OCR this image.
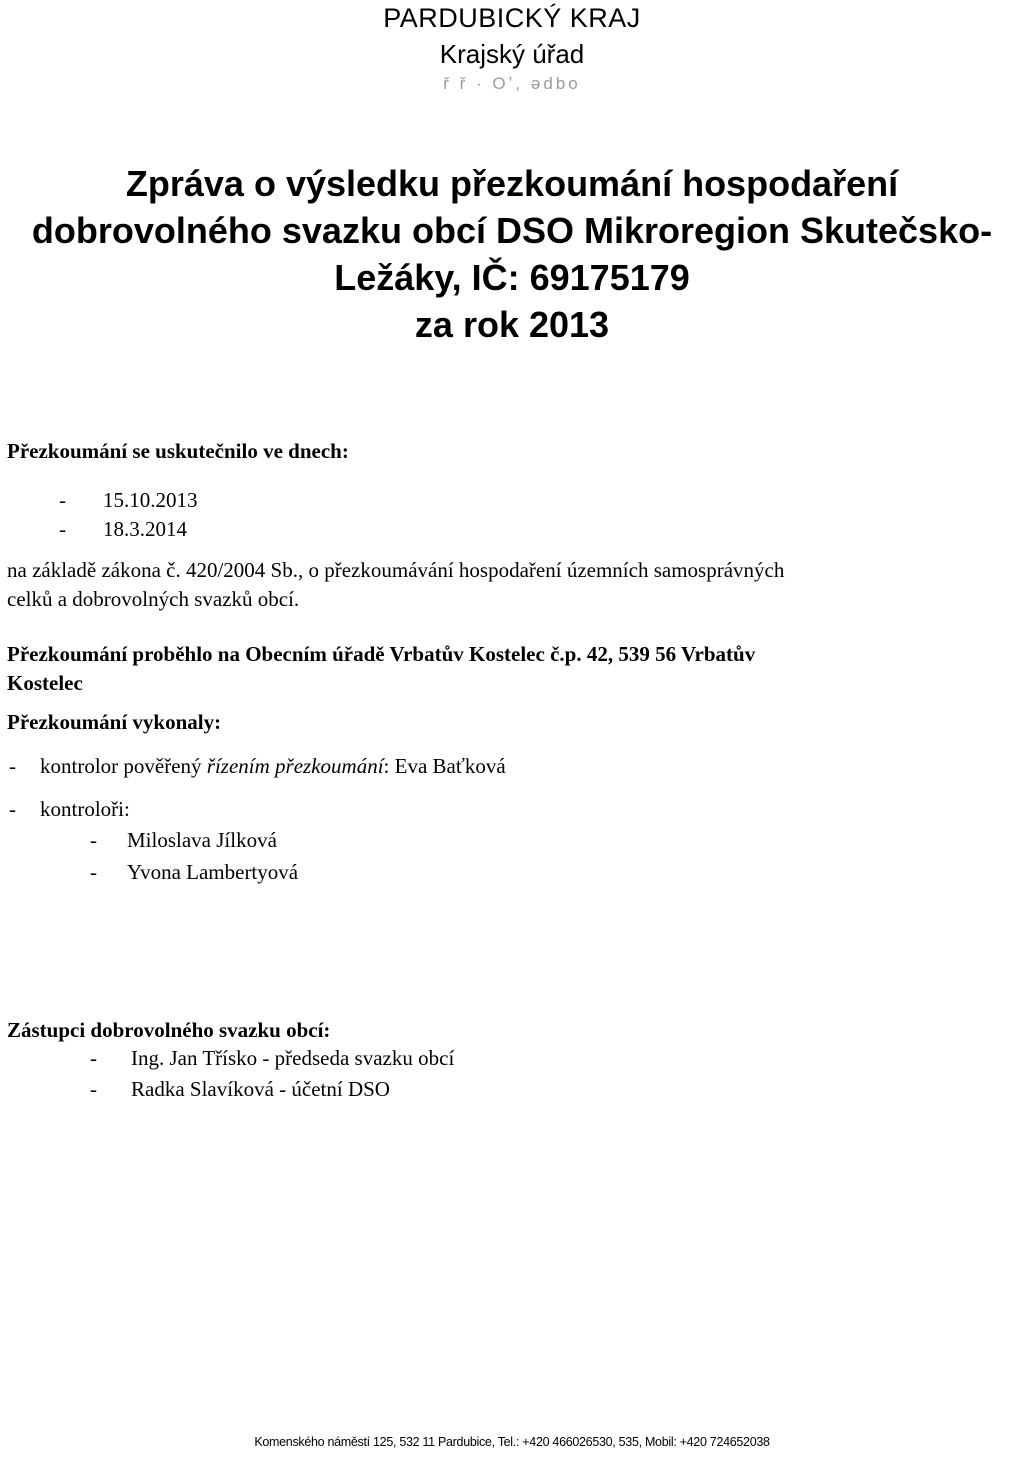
PARDUBICKÝ KRAJ
Krajský úřad
ř ř · Oʼ, ədbo
Zpráva o výsledku přezkoumání hospodaření
dobrovolného svazku obcí DSO Mikroregion Skutečsko-
Ležáky, IČ: 69175179
za rok 2013
Přezkoumání se uskutečnilo ve dnech:
- 15.10.2013
- 18.3.2014
na základě zákona č. 420/2004 Sb., o přezkoumávání hospodaření územních samosprávných
celků a dobrovolných svazků obcí.
Přezkoumání proběhlo na Obecním úřadě Vrbatův Kostelec č.p. 42, 539 56 Vrbatův
Kostelec
Přezkoumání vykonaly:
- kontrolor pověřený řízením přezkoumání: Eva Baťková
- kontroloři:
- Miloslava Jílková
- Yvona Lambertyová
Zástupci dobrovolného svazku obcí:
- Ing. Jan Třísko - předseda svazku obcí
- Radka Slavíková - účetní DSO
Komenského náměstí 125, 532 11 Pardubice, Tel.: +420 466026530, 535, Mobil: +420 724652038
